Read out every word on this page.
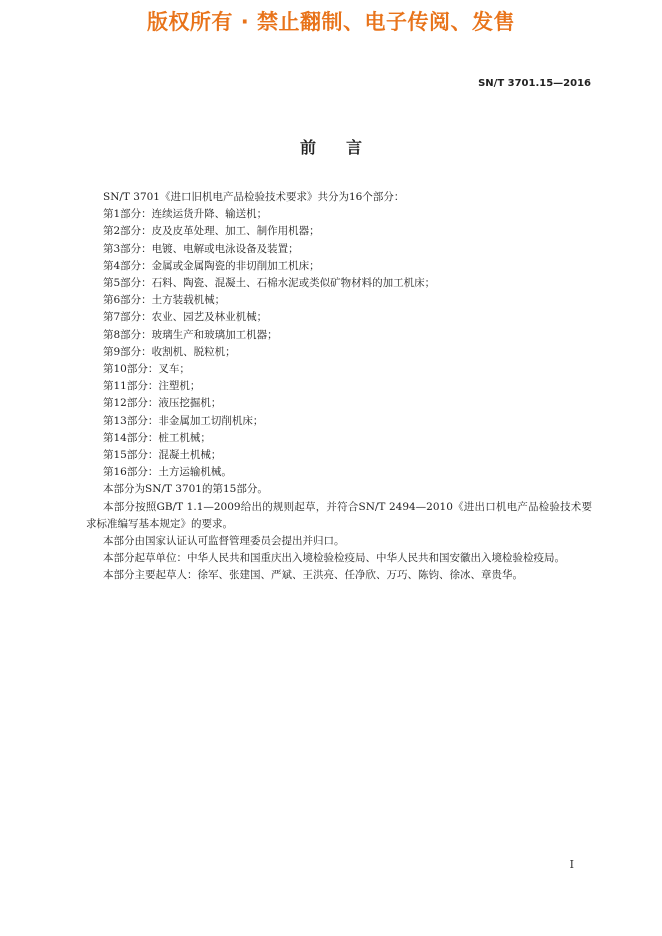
版权所有 · 禁止翻制、电子传阅、发售
SN/T 3701.15—2016
前言

SN/T 3701《进口旧机电产品检验技术要求》共分为16个部分：

第1部分：连续运货升降、输送机；

第2部分：皮及皮革处理、加工、制作用机器；

第3部分：电镀、电解或电泳设备及装置；

第4部分：金属或金属陶瓷的非切削加工机床；

第5部分：石料、陶瓷、混凝土、石棉水泥或类似矿物材料的加工机床；

第6部分：土方装载机械；

第7部分：农业、园艺及林业机械；

第8部分：玻璃生产和玻璃加工机器；

第9部分：收割机、脱粒机；

第10部分：叉车；

第11部分：注塑机；

第12部分：液压挖掘机；

第13部分：非金属加工切削机床；

第14部分：桩工机械；

第15部分：混凝土机械；

第16部分：土方运输机械。

本部分为SN/T 3701的第15部分。

本部分按照GB/T 1.1—2009给出的规则起草，并符合SN/T 2494—2010《进出口机电产品检验技术要求标准编写基本规定》的要求。

本部分由国家认证认可监督管理委员会提出并归口。

本部分起草单位：中华人民共和国重庆出入境检验检疫局、中华人民共和国安徽出入境检验检疫局。

本部分主要起草人：徐军、张建国、严斌、王洪亮、任净欣、万巧、陈钧、徐冰、章贵华。

I
